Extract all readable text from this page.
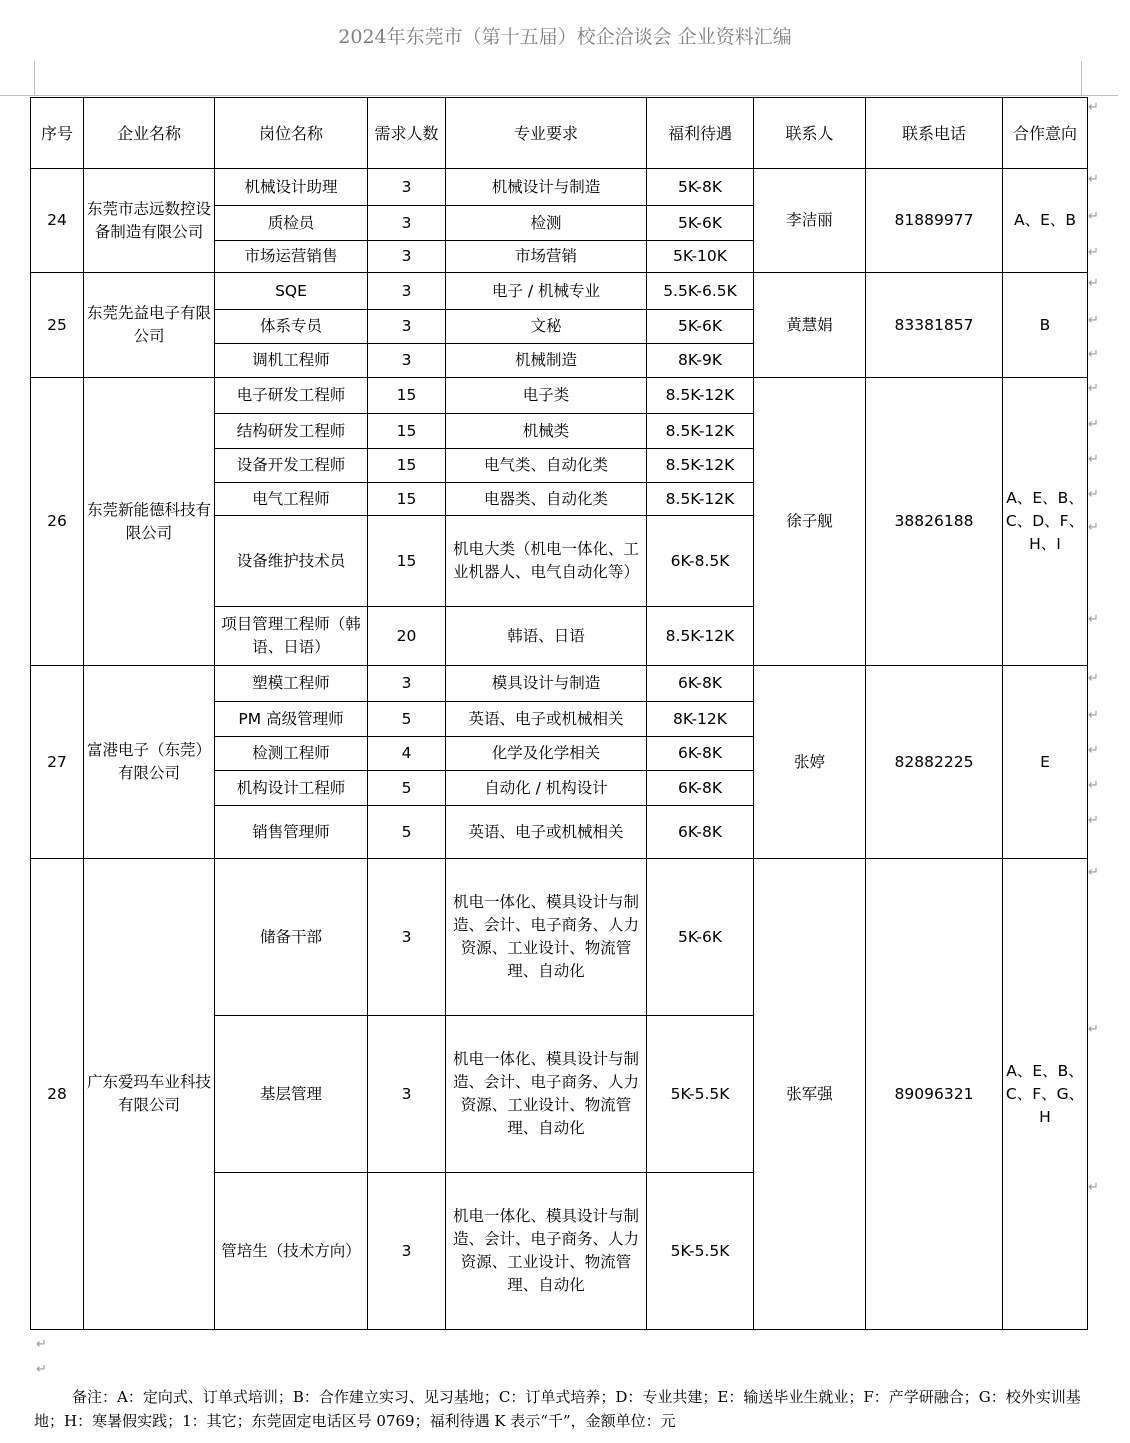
2024年东莞市（第十五届）校企洽谈会 企业资料汇编
序号	企业名称	岗位名称	需求人数	专业要求	福利待遇	联系人	联系电话	合作意向
24	东莞市志远数控设备制造有限公司	机械设计助理	3	机械设计与制造	5K-8K	李洁丽	81889977	A、E、B
		质检员	3	检测	5K-6K			
		市场运营销售	3	市场营销	5K-10K			
25	东莞先益电子有限公司	SQE	3	电子 / 机械专业	5.5K-6.5K	黄慧娟	83381857	B
		体系专员	3	文秘	5K-6K			
		调机工程师	3	机械制造	8K-9K			
26	东莞新能德科技有限公司	电子研发工程师	15	电子类	8.5K-12K	徐子舰	38826188	A、E、B、C、D、F、H、I
		结构研发工程师	15	机械类	8.5K-12K			
		设备开发工程师	15	电气类、自动化类	8.5K-12K			
		电气工程师	15	电器类、自动化类	8.5K-12K			
		设备维护技术员	15	机电大类（机电一体化、工业机器人、电气自动化等）	6K-8.5K			
		项目管理工程师（韩语、日语）	20	韩语、日语	8.5K-12K			
27	富港电子（东莞）有限公司	塑模工程师	3	模具设计与制造	6K-8K	张婷	82882225	E
		PM 高级管理师	5	英语、电子或机械相关	8K-12K			
		检测工程师	4	化学及化学相关	6K-8K			
		机构设计工程师	5	自动化 / 机构设计	6K-8K			
		销售管理师	5	英语、电子或机械相关	6K-8K			
28	广东爱玛车业科技有限公司	储备干部	3	机电一体化、模具设计与制造、会计、电子商务、人力资源、工业设计、物流管理、自动化	5K-6K	张军强	89096321	A、E、B、C、F、G、H
		基层管理	3	机电一体化、模具设计与制造、会计、电子商务、人力资源、工业设计、物流管理、自动化	5K-5.5K			
		管培生（技术方向）	3	机电一体化、模具设计与制造、会计、电子商务、人力资源、工业设计、物流管理、自动化	5K-5.5K			
↵
↵
↵
↵
↵
↵
↵
↵
↵
↵
↵
↵
↵
↵
↵
↵
↵
↵
↵
↵
↵
↵
↵
备注：A：定向式、订单式培训；B：合作建立实习、见习基地；C：订单式培养；D：专业共建；E：输送毕业生就业；F：产学研融合；G：校外实训基地；H：寒暑假实践；1：其它；东莞固定电话区号 0769；福利待遇 K 表示“千”，金额单位：元
